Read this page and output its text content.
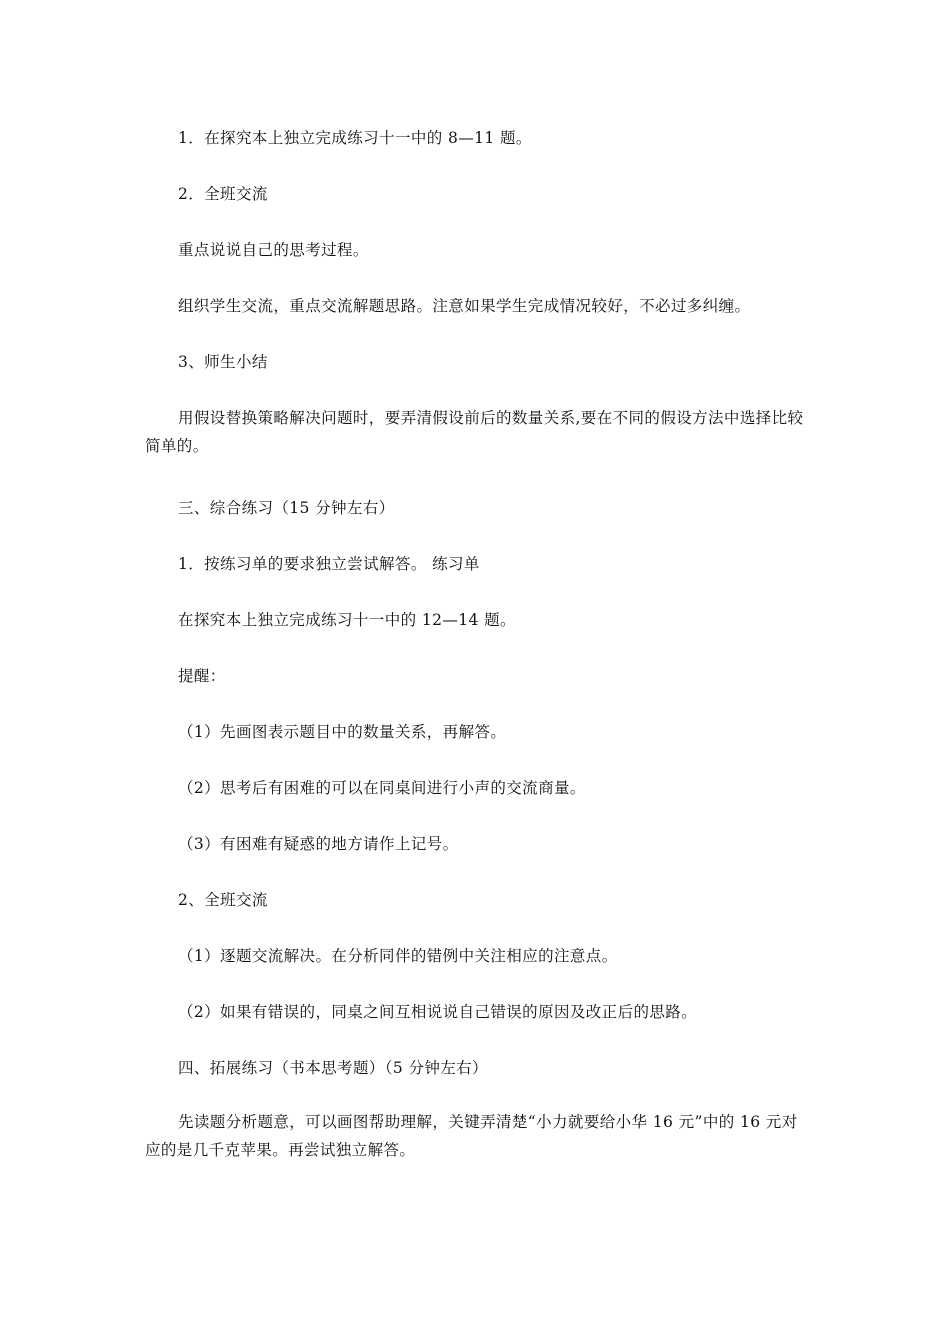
1．在探究本上独立完成练习十一中的 8—11 题。

2．全班交流

重点说说自己的思考过程。

组织学生交流，重点交流解题思路。注意如果学生完成情况较好，不必过多纠缠。

3、师生小结

用假设替换策略解决问题时，要弄清假设前后的数量关系,要在不同的假设方法中选择比较简单的。

三、综合练习（15 分钟左右）

1．按练习单的要求独立尝试解答。 练习单

在探究本上独立完成练习十一中的 12—14 题。

提醒：

（1）先画图表示题目中的数量关系，再解答。

（2）思考后有困难的可以在同桌间进行小声的交流商量。

（3）有困难有疑惑的地方请作上记号。

2、全班交流

（1）逐题交流解决。在分析同伴的错例中关注相应的注意点。

（2）如果有错误的，同桌之间互相说说自己错误的原因及改正后的思路。

四、拓展练习（书本思考题）（5 分钟左右）

先读题分析题意，可以画图帮助理解，关键弄清楚“小力就要给小华 16 元”中的 16 元对应的是几千克苹果。再尝试独立解答。
